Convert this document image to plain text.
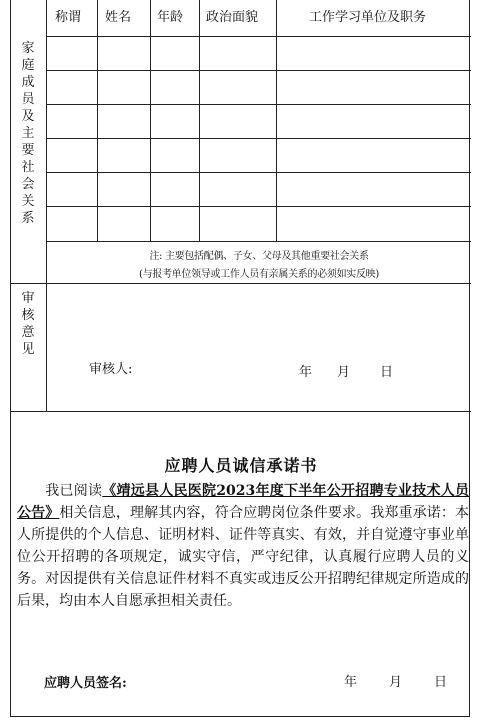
家庭成员及主要社会关系
称谓 姓名 年龄 政治面貌	工作学习单位及职务
注: 主要包括配偶、子女、父母及其他重要社会关系
(与报考单位领导或工作人员有亲属关系的必须如实反映)
审核意见
审核人:	年 月 日
应聘人员诚信承诺书
我已阅读《靖远县人民医院2023年度下半年公开招聘专业技术人员公告》相关信息，理解其内容，符合应聘岗位条件要求。我郑重承诺：本人所提供的个人信息、证明材料、证件等真实、有效，并自觉遵守事业单位公开招聘的各项规定，诚实守信，严守纪律，认真履行应聘人员的义务。对因提供有关信息证件材料不真实或违反公开招聘纪律规定所造成的后果，均由本人自愿承担相关责任。
应聘人员签名:	年 月 日
